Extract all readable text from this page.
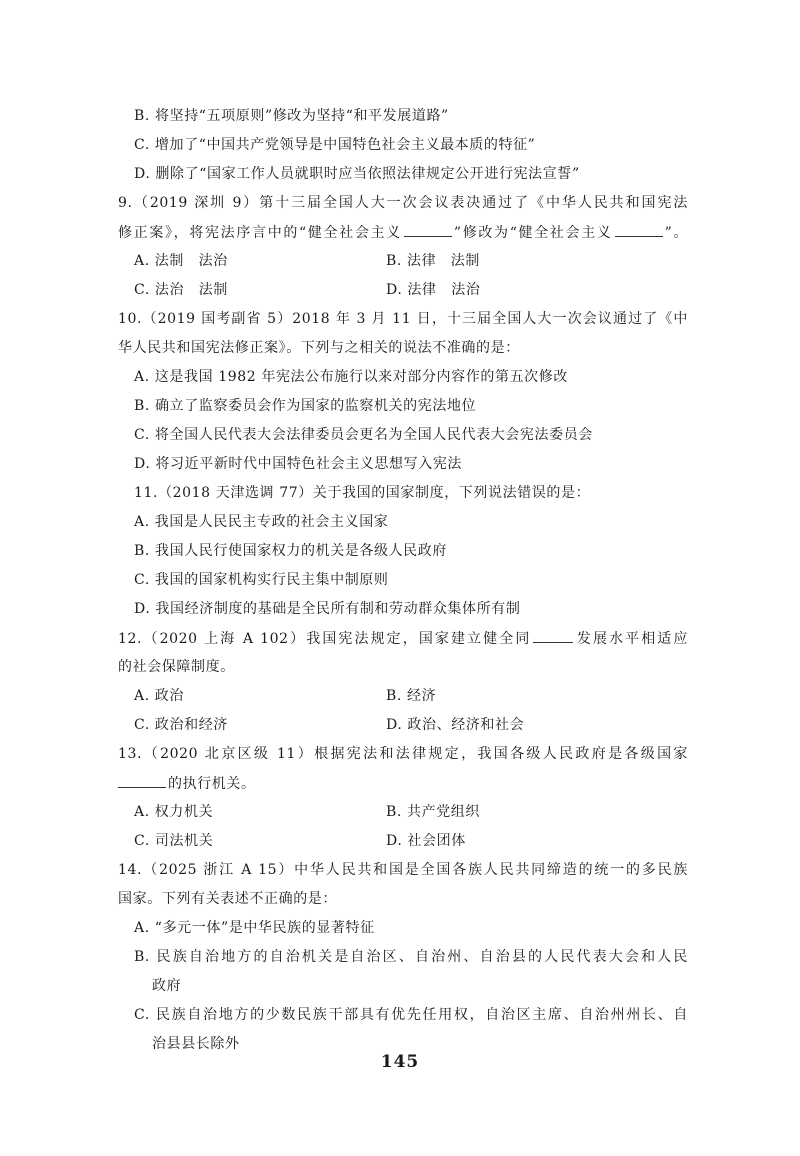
B. 将坚持“五项原则”修改为坚持“和平发展道路”
C. 增加了“中国共产党领导是中国特色社会主义最本质的特征”
D. 删除了“国家工作人员就职时应当依照法律规定公开进行宪法宣誓”
9.（2019 深圳 9）第十三届全国人大一次会议表决通过了《中华人民共和国宪法
修正案》，将宪法序言中的“健全社会主义	”修改为“健全社会主义	”。
A. 法制　法治	B. 法律　法制
C. 法治　法制	D. 法律　法治
10.（2019 国考副省 5）2018 年 3 月 11 日，十三届全国人大一次会议通过了《中
华人民共和国宪法修正案》。下列与之相关的说法不准确的是：
A. 这是我国 1982 年宪法公布施行以来对部分内容作的第五次修改
B. 确立了监察委员会作为国家的监察机关的宪法地位
C. 将全国人民代表大会法律委员会更名为全国人民代表大会宪法委员会
D. 将习近平新时代中国特色社会主义思想写入宪法
11.（2018 天津选调 77）关于我国的国家制度，下列说法错误的是：
A. 我国是人民民主专政的社会主义国家
B. 我国人民行使国家权力的机关是各级人民政府
C. 我国的国家机构实行民主集中制原则
D. 我国经济制度的基础是全民所有制和劳动群众集体所有制
12.（2020 上海 A 102）我国宪法规定，国家建立健全同	发展水平相适应
的社会保障制度。
A. 政治	B. 经济
C. 政治和经济	D. 政治、经济和社会
13.（2020 北京区级 11）根据宪法和法律规定，我国各级人民政府是各级国家
的执行机关。
A. 权力机关	B. 共产党组织
C. 司法机关	D. 社会团体
14.（2025 浙江 A 15）中华人民共和国是全国各族人民共同缔造的统一的多民族
国家。下列有关表述不正确的是：
A. “多元一体”是中华民族的显著特征
B. 民族自治地方的自治机关是自治区、自治州、自治县的人民代表大会和人民
政府
C. 民族自治地方的少数民族干部具有优先任用权，自治区主席、自治州州长、自
治县县长除外
145
